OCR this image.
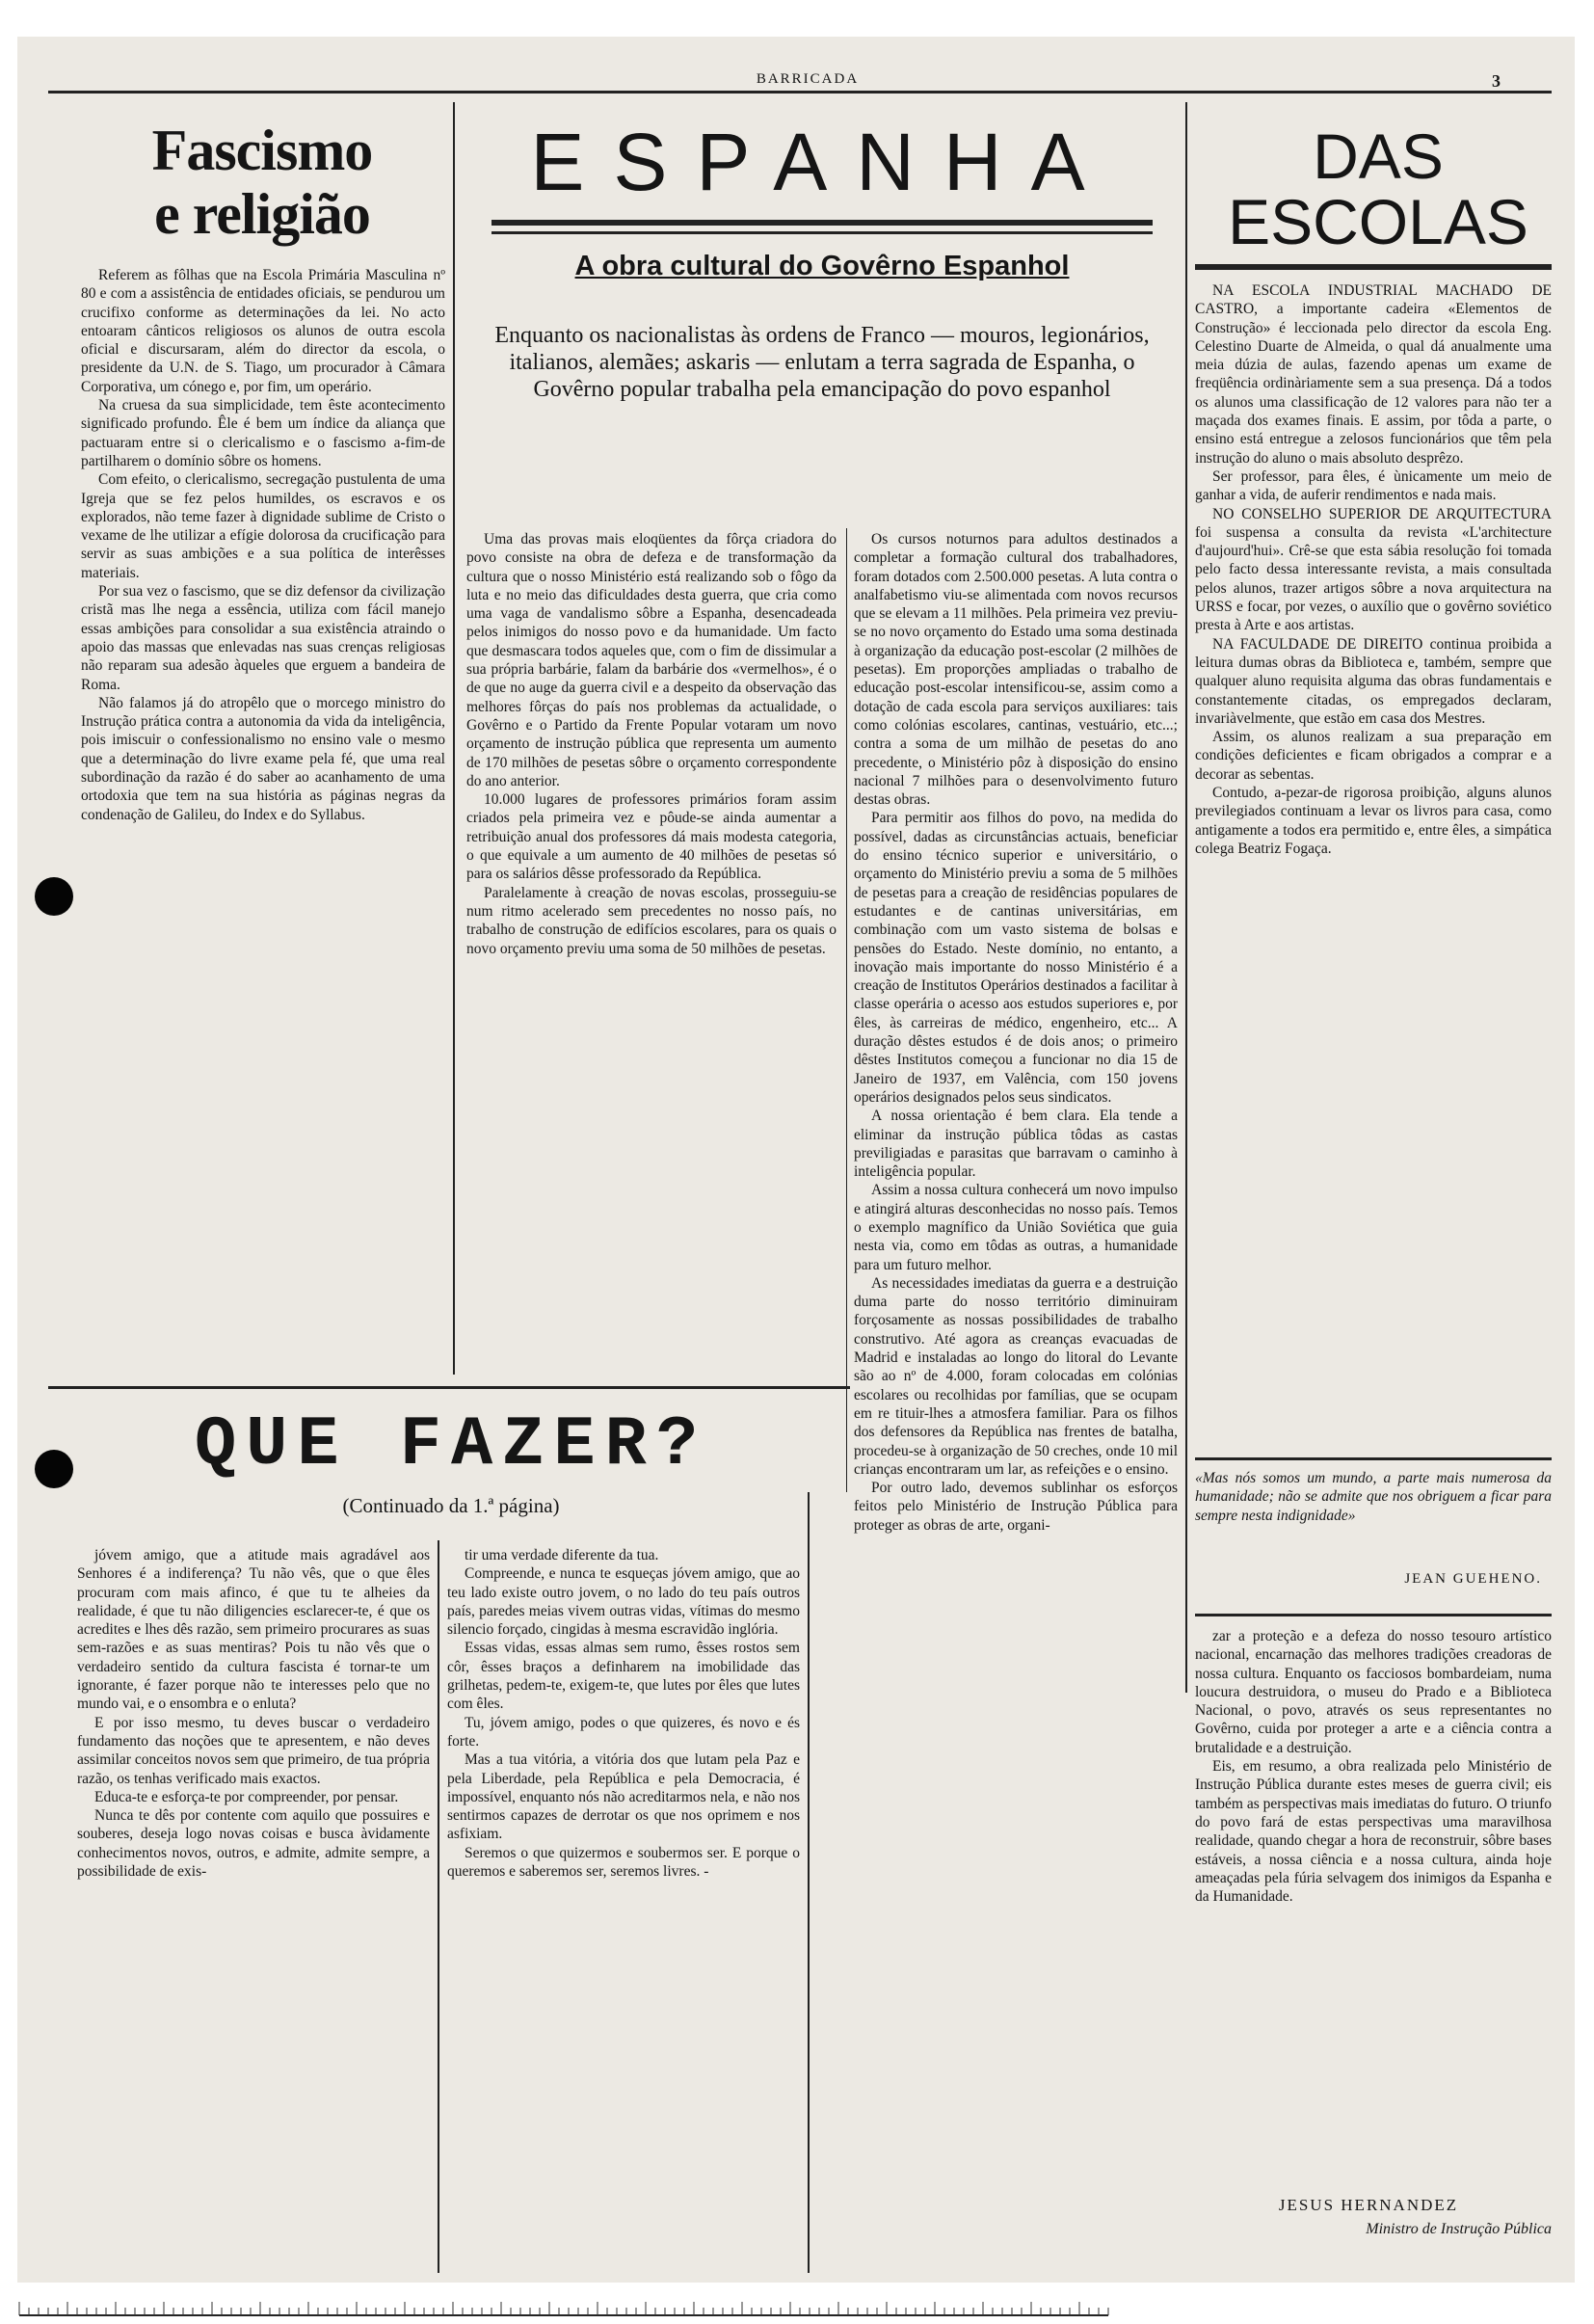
BARRICADA	3
Fascismo
e religião

Referem as fôlhas que na Escola Primária Masculina nº 80 e com a assistência de entidades oficiais, se pendurou um crucifixo conforme as determinações da lei. No acto entoaram cânticos religiosos os alunos de outra escola oficial e discursaram, além do director da escola, o presidente da U.N. de S. Tiago, um procurador à Câmara Corporativa, um cónego e, por fim, um operário.

Na cruesa da sua simplicidade, tem êste acontecimento significado profundo. Êle é bem um índice da aliança que pactuaram entre si o clericalismo e o fascismo a-fim-de partilharem o domínio sôbre os homens.

Com efeito, o clericalismo, secregação pustulenta de uma Igreja que se fez pelos humildes, os escravos e os explorados, não teme fazer à dignidade sublime de Cristo o vexame de lhe utilizar a efígie dolorosa da crucificação para servir as suas ambições e a sua política de interêsses materiais.

Por sua vez o fascismo, que se diz defensor da civilização cristã mas lhe nega a essência, utiliza com fácil manejo essas ambições para consolidar a sua existência atraindo o apoio das massas que enlevadas nas suas crenças religiosas não reparam sua adesão àqueles que erguem a bandeira de Roma.

Não falamos já do atropêlo que o morcego ministro do Instrução prática contra a autonomia da vida da inteligência, pois imiscuir o confessionalismo no ensino vale o mesmo que a determinação do livre exame pela fé, que uma real subordinação da razão é do saber ao acanhamento de uma ortodoxia que tem na sua história as páginas negras da condenação de Galileu, do Index e do Syllabus.

ESPANHA
A obra cultural do Govêrno Espanhol
Enquanto os nacionalistas às ordens de Franco — mouros, legionários, italianos, alemães; askaris — enlutam a terra sagrada de Espanha, o Govêrno popular trabalha pela emancipação do povo espanhol

Uma das provas mais eloqüentes da fôrça criadora do povo consiste na obra de defeza e de transformação da cultura que o nosso Ministério está realizando sob o fôgo da luta e no meio das dificuldades desta guerra, que cria como uma vaga de vandalismo sôbre a Espanha, desencadeada pelos inimigos do nosso povo e da humanidade. Um facto que desmascara todos aqueles que, com o fim de dissimular a sua própria barbárie, falam da barbárie dos «vermelhos», é o de que no auge da guerra civil e a despeito da observação das melhores fôrças do país nos problemas da actualidade, o Govêrno e o Partido da Frente Popular votaram um novo orçamento de instrução pública que representa um aumento de 170 milhões de pesetas sôbre o orçamento correspondente do ano anterior.

10.000 lugares de professores primários foram assim criados pela primeira vez e pôude-se ainda aumentar a retribuição anual dos professores dá mais modesta categoria, o que equivale a um aumento de 40 milhões de pesetas só para os salários dêsse professorado da República.

Paralelamente à creação de novas escolas, prosseguiu-se num ritmo acelerado sem precedentes no nosso país, no trabalho de construção de edifícios escolares, para os quais o novo orçamento previu uma soma de 50 milhões de pesetas.

Os cursos noturnos para adultos destinados a completar a formação cultural dos trabalhadores, foram dotados com 2.500.000 pesetas. A luta contra o analfabetismo viu-se alimentada com novos recursos que se elevam a 11 milhões. Pela primeira vez previu-se no novo orçamento do Estado uma soma destinada à organização da educação post-escolar (2 milhões de pesetas). Em proporções ampliadas o trabalho de educação post-escolar intensificou-se, assim como a dotação de cada escola para serviços auxiliares: tais como colónias escolares, cantinas, vestuário, etc...; contra a soma de um milhão de pesetas do ano precedente, o Ministério pôz à disposição do ensino nacional 7 milhões para o desenvolvimento futuro destas obras.

Para permitir aos filhos do povo, na medida do possível, dadas as circunstâncias actuais, beneficiar do ensino técnico superior e universitário, o orçamento do Ministério previu a soma de 5 milhões de pesetas para a creação de residências populares de estudantes e de cantinas universitárias, em combinação com um vasto sistema de bolsas e pensões do Estado. Neste domínio, no entanto, a inovação mais importante do nosso Ministério é a creação de Institutos Operários destinados a facilitar à classe operária o acesso aos estudos superiores e, por êles, às carreiras de médico, engenheiro, etc... A duração dêstes estudos é de dois anos; o primeiro dêstes Institutos começou a funcionar no dia 15 de Janeiro de 1937, em Valência, com 150 jovens operários designados pelos seus sindicatos.

A nossa orientação é bem clara. Ela tende a eliminar da instrução pública tôdas as castas previligiadas e parasitas que barravam o caminho à inteligência popular.

Assim a nossa cultura conhecerá um novo impulso e atingirá alturas desconhecidas no nosso país. Temos o exemplo magnífico da União Soviética que guia nesta via, como em tôdas as outras, a humanidade para um futuro melhor.

As necessidades imediatas da guerra e a destruição duma parte do nosso território diminuiram forçosamente as nossas possibilidades de trabalho construtivo. Até agora as creanças evacuadas de Madrid e instaladas ao longo do litoral do Levante são ao nº de 4.000, foram colocadas em colónias escolares ou recolhidas por famílias, que se ocupam em re tituir-lhes a atmosfera familiar. Para os filhos dos defensores da República nas frentes de batalha, procedeu-se à organização de 50 creches, onde 10 mil crianças encontraram um lar, as refeições e o ensino.

Por outro lado, devemos sublinhar os esforços feitos pelo Ministério de Instrução Pública para proteger as obras de arte, organi-

DAS
ESCOLAS

NA ESCOLA INDUSTRIAL MACHADO DE CASTRO, a importante cadeira «Elementos de Construção» é leccionada pelo director da escola Eng. Celestino Duarte de Almeida, o qual dá anualmente uma meia dúzia de aulas, fazendo apenas um exame de freqüência ordinàriamente sem a sua presença. Dá a todos os alunos uma classificação de 12 valores para não ter a maçada dos exames finais. E assim, por tôda a parte, o ensino está entregue a zelosos funcionários que têm pela instrução do aluno o mais absoluto desprêzo.

Ser professor, para êles, é ùnicamente um meio de ganhar a vida, de auferir rendimentos e nada mais.

NO CONSELHO SUPERIOR DE ARQUITECTURA foi suspensa a consulta da revista «L'architecture d'aujourd'hui». Crê-se que esta sábia resolução foi tomada pelo facto dessa interessante revista, a mais consultada pelos alunos, trazer artigos sôbre a nova arquitectura na URSS e focar, por vezes, o auxílio que o govêrno soviético presta à Arte e aos artistas.

NA FACULDADE DE DIREITO continua proibida a leitura dumas obras da Biblioteca e, também, sempre que qualquer aluno requisita alguma das obras fundamentais e constantemente citadas, os empregados declaram, invariàvelmente, que estão em casa dos Mestres.

Assim, os alunos realizam a sua preparação em condições deficientes e ficam obrigados a comprar e a decorar as sebentas.

Contudo, a-pezar-de rigorosa proibição, alguns alunos previlegiados continuam a levar os livros para casa, como antigamente a todos era permitido e, entre êles, a simpática colega Beatriz Fogaça.

«Mas nós somos um mundo, a parte mais numerosa da humanidade; não se admite que nos obriguem a ficar para sempre nesta indignidade»
JEAN GUEHENO.
QUE FAZER?
(Continuado da 1.ª página)

jóvem amigo, que a atitude mais agradável aos Senhores é a indiferença? Tu não vês, que o que êles procuram com mais afinco, é que tu te alheies da realidade, é que tu não diligencies esclarecer-te, é que os acredites e lhes dês razão, sem primeiro procurares as suas sem-razões e as suas mentiras? Pois tu não vês que o verdadeiro sentido da cultura fascista é tornar-te um ignorante, é fazer porque não te interesses pelo que no mundo vai, e o ensombra e o enluta?

E por isso mesmo, tu deves buscar o verdadeiro fundamento das noções que te apresentem, e não deves assimilar conceitos novos sem que primeiro, de tua própria razão, os tenhas verificado mais exactos.

Educa-te e esforça-te por compreender, por pensar.

Nunca te dês por contente com aquilo que possuires e souberes, deseja logo novas coisas e busca àvidamente conhecimentos novos, outros, e admite, admite sempre, a possibilidade de exis-

tir uma verdade diferente da tua.

Compreende, e nunca te esqueças jóvem amigo, que ao teu lado existe outro jovem, o no lado do teu país outros país, paredes meias vivem outras vidas, vítimas do mesmo silencio forçado, cingidas à mesma escravidão inglória.

Essas vidas, essas almas sem rumo, êsses rostos sem côr, êsses braços a definharem na imobilidade das grilhetas, pedem-te, exigem-te, que lutes por êles que lutes com êles.

Tu, jóvem amigo, podes o que quizeres, és novo e és forte.

Mas a tua vitória, a vitória dos que lutam pela Paz e pela Liberdade, pela República e pela Democracia, é impossível, enquanto nós não acreditarmos nela, e não nos sentirmos capazes de derrotar os que nos oprimem e nos asfixiam.

Seremos o que quizermos e soubermos ser. E porque o queremos e saberemos ser, seremos livres. -

zar a proteção e a defeza do nosso tesouro artístico nacional, encarnação das melhores tradições creadoras de nossa cultura. Enquanto os facciosos bombardeiam, numa loucura destruidora, o museu do Prado e a Biblioteca Nacional, o povo, através os seus representantes no Govêrno, cuida por proteger a arte e a ciência contra a brutalidade e a destruição.

Eis, em resumo, a obra realizada pelo Ministério de Instrução Pública durante estes meses de guerra civil; eis também as perspectivas mais imediatas do futuro. O triunfo do povo fará de estas perspectivas uma maravilhosa realidade, quando chegar a hora de reconstruir, sôbre bases estáveis, a nossa ciência e a nossa cultura, ainda hoje ameaçadas pela fúria selvagem dos inimigos da Espanha e da Humanidade.

JESUS HERNANDEZ
Ministro de Instrução Pública
